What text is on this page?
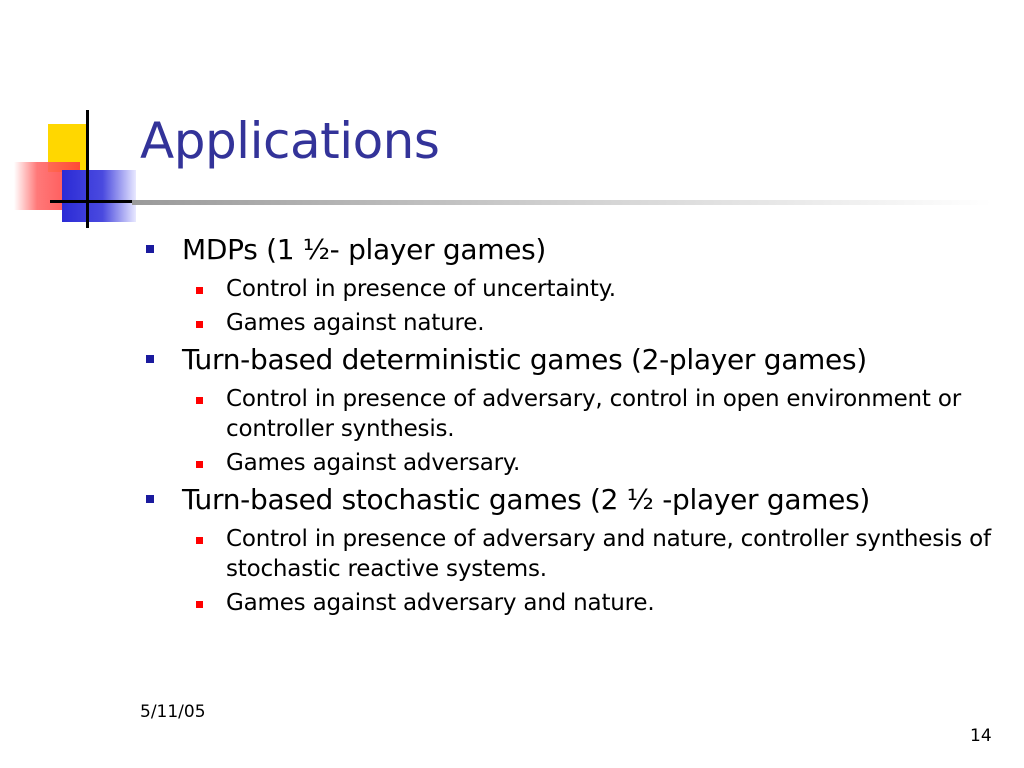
Applications
MDPs (1 ½- player games)
Control in presence of uncertainty.
Games against nature.
Turn-based deterministic games (2-player games)
Control in presence of adversary, control in open environment or controller synthesis.
Games against adversary.
Turn-based stochastic games (2 ½ -player games)
Control in presence of adversary and nature, controller synthesis of stochastic reactive systems.
Games against adversary and nature.
5/11/05
14
